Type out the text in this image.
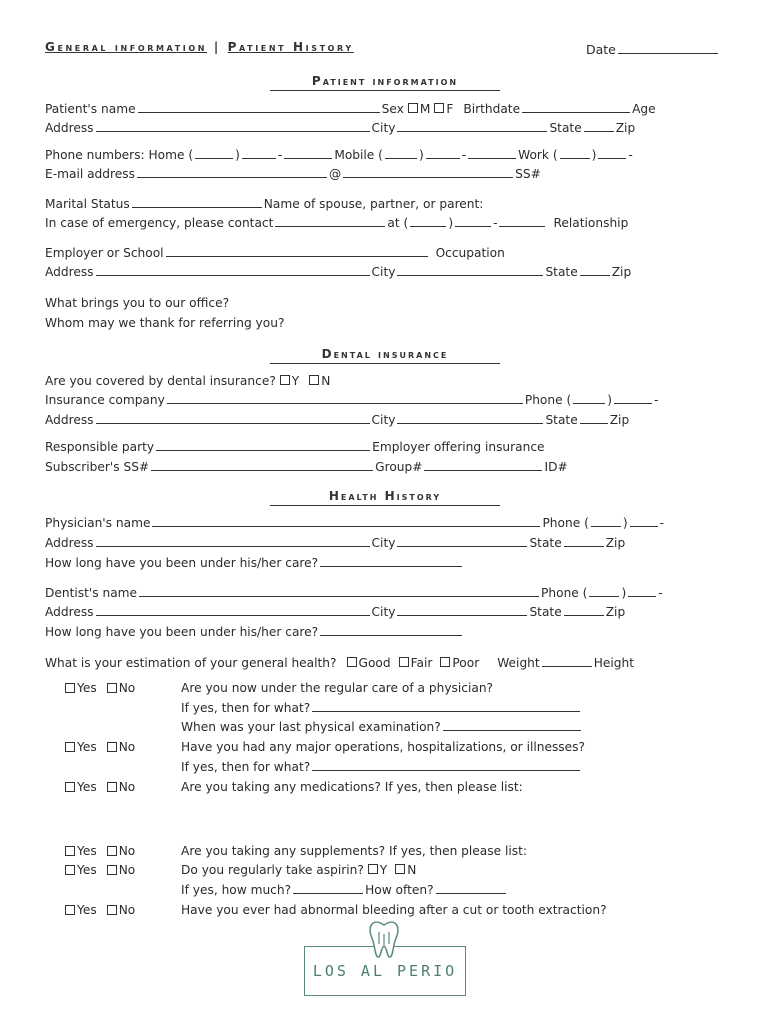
General information | Patient History	Date
Patient information
Patient's name	Sex M F Birthdate	Age
Address	City	State	Zip
Phone numbers: Home (	)	-	Mobile (	)	-	Work (	)	-
E-mail address	@	SS#
Marital Status	Name of spouse, partner, or parent:
In case of emergency, please contact	at (	)	-	Relationship
Employer or School	Occupation
Address	City	State	Zip
What brings you to our office?
Whom may we thank for referring you?
Dental insurance
Are you covered by dental insurance? Y N
Insurance company	Phone (	)	-
Address	City	State	Zip
Responsible party	Employer offering insurance
Subscriber's SS#	Group#	ID#
Health History
Physician's name	Phone (	)	-
Address	City	State	Zip
How long have you been under his/her care?
Dentist's name	Phone (	)	-
Address	City	State	Zip
How long have you been under his/her care?
What is your estimation of your general health? Good Fair Poor Weight	Height
Yes No	Are you now under the regular care of a physician?
If yes, then for what?
When was your last physical examination?
Yes No	Have you had any major operations, hospitalizations, or illnesses?
If yes, then for what?
Yes No	Are you taking any medications? If yes, then please list:
Yes No	Are you taking any supplements? If yes, then please list:
Yes No	Do you regularly take aspirin? Y N
If yes, how much?	How often?
Yes No	Have you ever had abnormal bleeding after a cut or tooth extraction?
LOS AL PERIO
